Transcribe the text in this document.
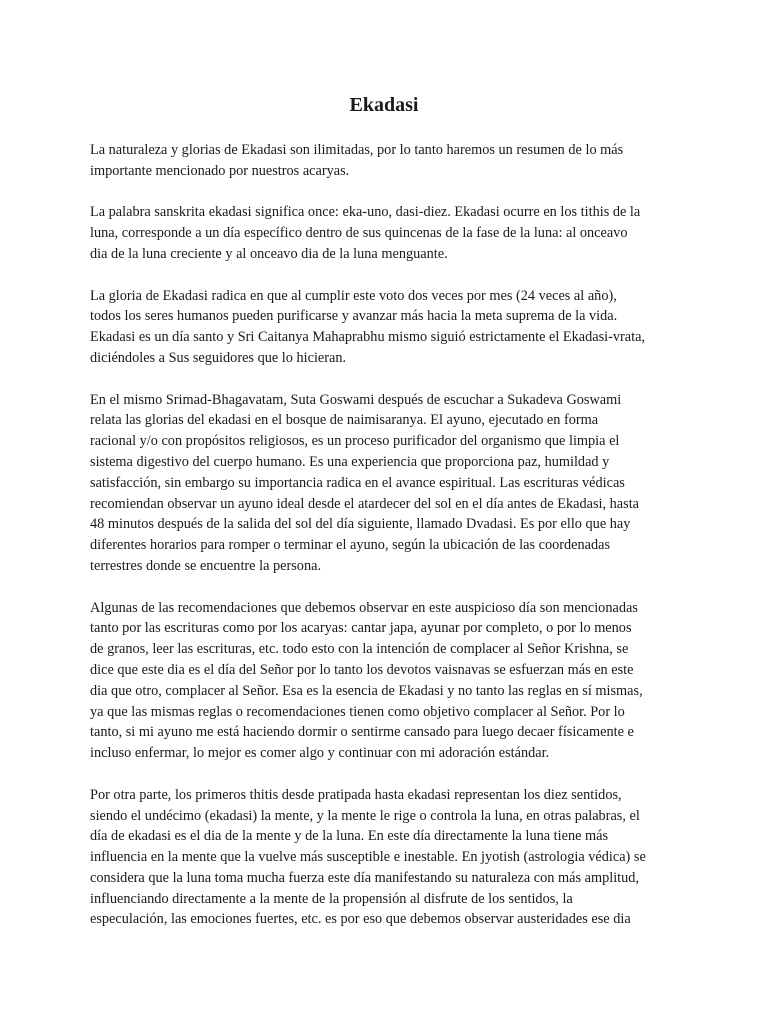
Ekadasi
La naturaleza y glorias de Ekadasi son ilimitadas, por lo tanto haremos un resumen de lo más
importante mencionado por nuestros acaryas.
La palabra sanskrita ekadasi significa once: eka-uno, dasi-diez. Ekadasi ocurre en los tithis de la
luna, corresponde a un día específico dentro de sus quincenas de la fase de la luna: al onceavo
dia de la luna creciente y al onceavo dia de la luna menguante.
La gloria de Ekadasi radica en que al cumplir este voto dos veces por mes (24 veces al año),
todos los seres humanos pueden purificarse y avanzar más hacia la meta suprema de la vida.
Ekadasi es un día santo y Sri Caitanya Mahaprabhu mismo siguió estrictamente el Ekadasi-vrata,
diciéndoles a Sus seguidores que lo hicieran.
En el mismo Srimad-Bhagavatam, Suta Goswami después de escuchar a Sukadeva Goswami
relata las glorias del ekadasi en el bosque de naimisaranya. El ayuno, ejecutado en forma
racional y/o con propósitos religiosos, es un proceso purificador del organismo que limpia el
sistema digestivo del cuerpo humano. Es una experiencia que proporciona paz, humildad y
satisfacción, sin embargo su importancia radica en el avance espiritual. Las escrituras védicas
recomiendan observar un ayuno ideal desde el atardecer del sol en el día antes de Ekadasi, hasta
48 minutos después de la salida del sol del día siguiente, llamado Dvadasi. Es por ello que hay
diferentes horarios para romper o terminar el ayuno, según la ubicación de las coordenadas
terrestres donde se encuentre la persona.
Algunas de las recomendaciones que debemos observar en este auspicioso día son mencionadas
tanto por las escrituras como por los acaryas: cantar japa, ayunar por completo, o por lo menos
de granos, leer las escrituras, etc. todo esto con la intención de complacer al Señor Krishna, se
dice que este dia es el día del Señor por lo tanto los devotos vaisnavas se esfuerzan más en este
dia que otro, complacer al Señor. Esa es la esencia de Ekadasi y no tanto las reglas en sí mismas,
ya que las mismas reglas o recomendaciones tienen como objetivo complacer al Señor. Por lo
tanto, si mi ayuno me está haciendo dormir o sentirme cansado para luego decaer físicamente e
incluso enfermar, lo mejor es comer algo y continuar con mi adoración estándar.
Por otra parte, los primeros thitis desde pratipada hasta ekadasi representan los diez sentidos,
siendo el undécimo (ekadasi) la mente, y la mente le rige o controla la luna, en otras palabras, el
día de ekadasi es el dia de la mente y de la luna. En este día directamente la luna tiene más
influencia en la mente que la vuelve más susceptible e inestable. En jyotish (astrologia védica) se
considera que la luna toma mucha fuerza este día manifestando su naturaleza con más amplitud,
influenciando directamente a la mente de la propensión al disfrute de los sentidos, la
especulación, las emociones fuertes, etc. es por eso que debemos observar austeridades ese dia
